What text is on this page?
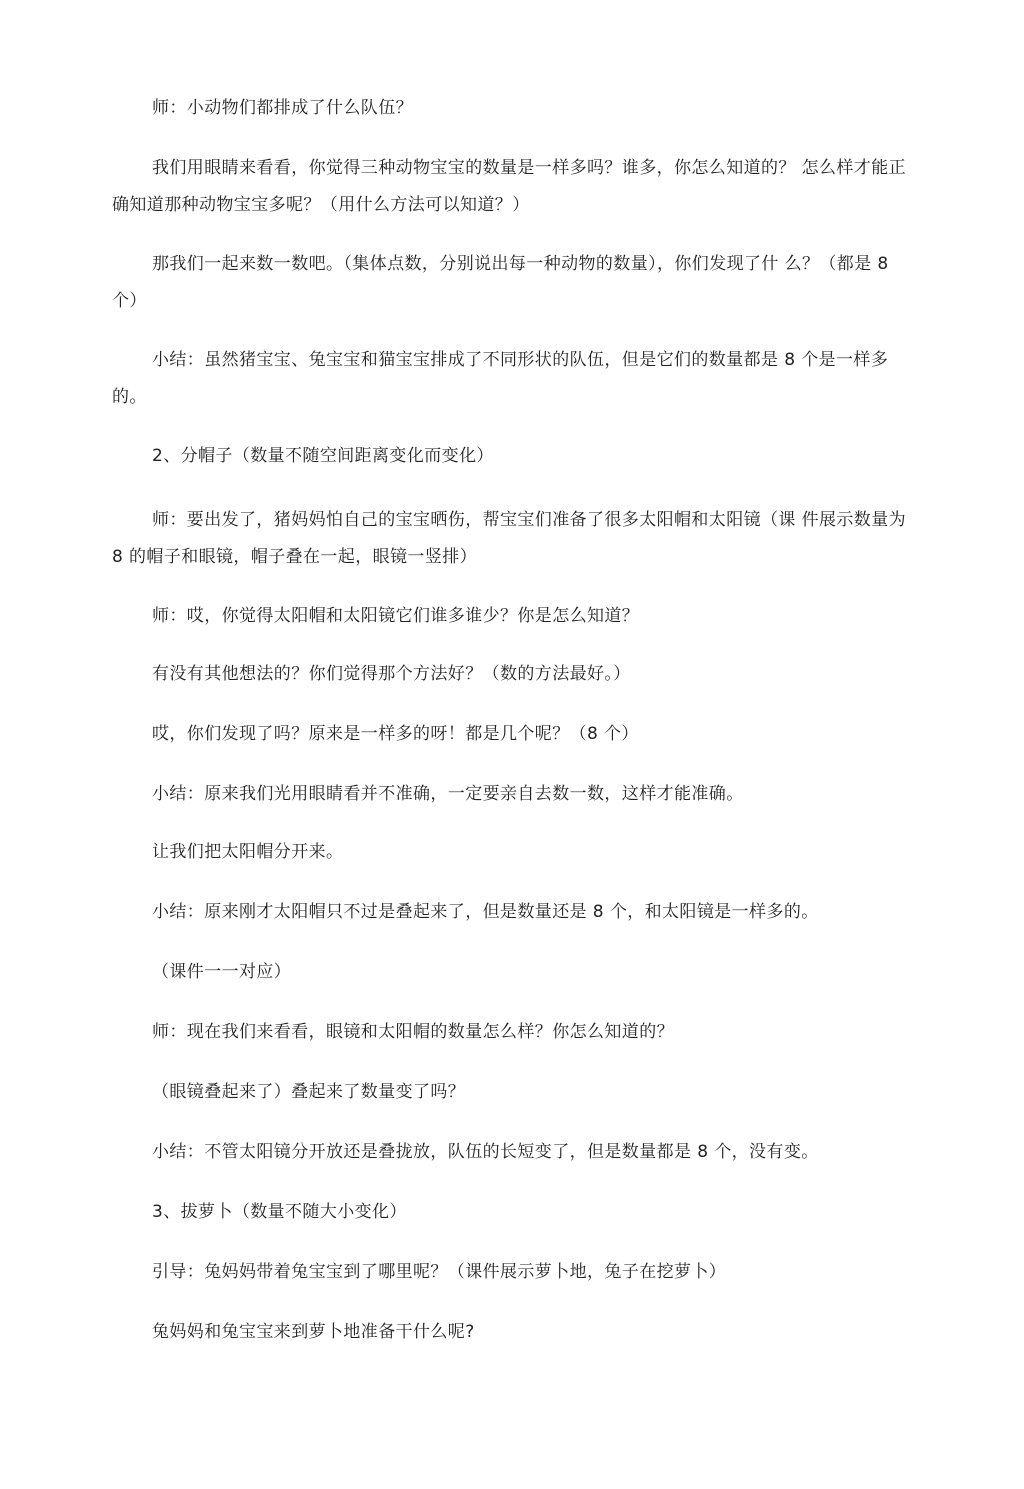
师：小动物们都排成了什么队伍？

我们用眼睛来看看，你觉得三种动物宝宝的数量是一样多吗？谁多，你怎么知道的？ 怎么样才能正确知道那种动物宝宝多呢？（用什么方法可以知道？）

那我们一起来数一数吧。（集体点数，分别说出每一种动物的数量），你们发现了什 么？（都是 8 个）

小结：虽然猪宝宝、兔宝宝和猫宝宝排成了不同形状的队伍，但是它们的数量都是 8 个是一样多的。

2、分帽子（数量不随空间距离变化而变化）

师：要出发了，猪妈妈怕自己的宝宝晒伤，帮宝宝们准备了很多太阳帽和太阳镜（课 件展示数量为 8 的帽子和眼镜，帽子叠在一起，眼镜一竖排）

师：哎，你觉得太阳帽和太阳镜它们谁多谁少？你是怎么知道？

有没有其他想法的？你们觉得那个方法好？（数的方法最好。）

哎，你们发现了吗？原来是一样多的呀！都是几个呢？（8 个）

小结：原来我们光用眼睛看并不准确，一定要亲自去数一数，这样才能准确。

让我们把太阳帽分开来。

小结：原来刚才太阳帽只不过是叠起来了，但是数量还是 8 个，和太阳镜是一样多的。

（课件一一对应）

师：现在我们来看看，眼镜和太阳帽的数量怎么样？你怎么知道的？

（眼镜叠起来了）叠起来了数量变了吗？

小结：不管太阳镜分开放还是叠拢放，队伍的长短变了，但是数量都是 8 个，没有变。

3、拔萝卜（数量不随大小变化）

引导：兔妈妈带着兔宝宝到了哪里呢？（课件展示萝卜地，兔子在挖萝卜）

兔妈妈和兔宝宝来到萝卜地准备干什么呢?
